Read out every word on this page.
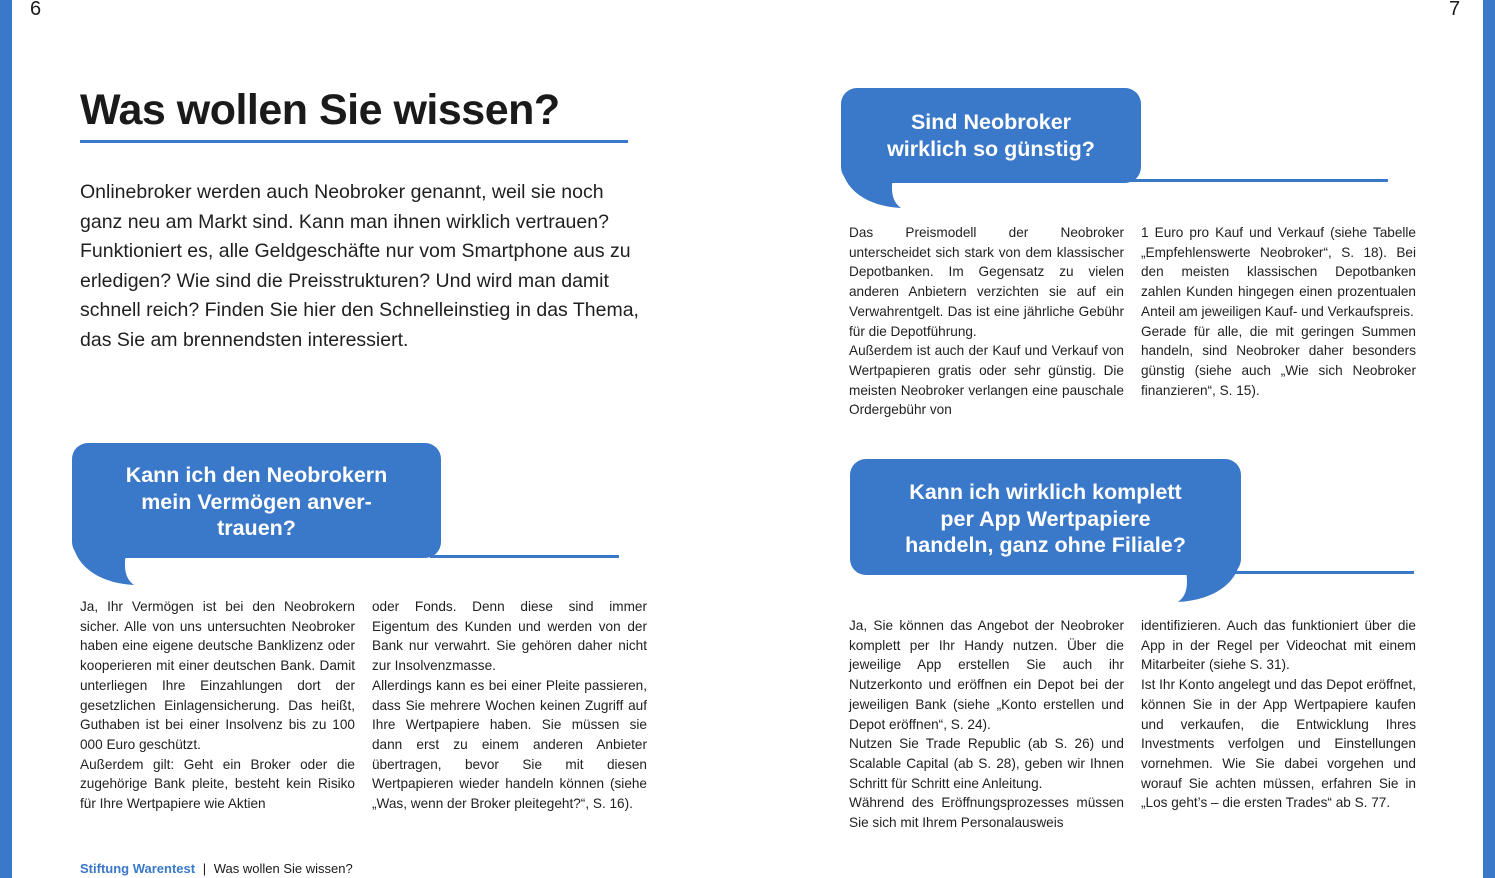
6	7
Was wollen Sie wissen?

Onlinebroker werden auch Neobroker genannt, weil sie noch ganz neu am Markt sind. Kann man ihnen wirklich vertrauen? Funktioniert es, alle Geldgeschäfte nur vom Smartphone aus zu erledigen? Wie sind die Preisstrukturen? Und wird man damit schnell reich? Finden Sie hier den Schnelleinstieg in das Thema, das Sie am brennendsten interessiert.

Kann ich den Neobrokern
mein Vermögen anver-
trauen?

Ja, Ihr Vermögen ist bei den Neobrokern sicher. Alle von uns untersuchten Neobroker haben eine eigene deutsche Banklizenz oder kooperieren mit einer deutschen Bank. Damit unterliegen Ihre Einzahlungen dort der gesetzlichen Einlagensicherung. Das heißt, Guthaben ist bei einer Insolvenz bis zu 100 000 Euro geschützt.

Außerdem gilt: Geht ein Broker oder die zugehörige Bank pleite, besteht kein Risiko für Ihre Wertpapiere wie Aktien

oder Fonds. Denn diese sind immer Eigentum des Kunden und werden von der Bank nur verwahrt. Sie gehören daher nicht zur Insolvenzmasse.

Allerdings kann es bei einer Pleite passieren, dass Sie mehrere Wochen keinen Zugriff auf Ihre Wertpapiere haben. Sie müssen sie dann erst zu einem anderen Anbieter übertragen, bevor Sie mit diesen Wertpapieren wieder handeln können (siehe „Was, wenn der Broker pleitegeht?“, S. 16).

Sind Neobroker
wirklich so günstig?

Das Preismodell der Neobroker unterscheidet sich stark von dem klassischer Depotbanken. Im Gegensatz zu vielen anderen Anbietern verzichten sie auf ein Verwahrentgelt. Das ist eine jährliche Gebühr für die Depotführung.

Außerdem ist auch der Kauf und Verkauf von Wertpapieren gratis oder sehr günstig. Die meisten Neobroker verlangen eine pauschale Ordergebühr von

1 Euro pro Kauf und Verkauf (siehe Tabelle „Empfehlenswerte Neobroker“, S. 18). Bei den meisten klassischen Depotbanken zahlen Kunden hingegen einen prozentualen Anteil am jeweiligen Kauf- und Verkaufspreis.

Gerade für alle, die mit geringen Summen handeln, sind Neobroker daher besonders günstig (siehe auch „Wie sich Neobroker finanzieren“, S. 15).

Kann ich wirklich komplett
per App Wertpapiere
handeln, ganz ohne Filiale?

Ja, Sie können das Angebot der Neobroker komplett per Ihr Handy nutzen. Über die jeweilige App erstellen Sie auch ihr Nutzerkonto und eröffnen ein Depot bei der jeweiligen Bank (siehe „Konto erstellen und Depot eröffnen“, S. 24).

Nutzen Sie Trade Republic (ab S. 26) und Scalable Capital (ab S. 28), geben wir Ihnen Schritt für Schritt eine Anleitung.

Während des Eröffnungsprozesses müssen Sie sich mit Ihrem Personalausweis

identifizieren. Auch das funktioniert über die App in der Regel per Videochat mit einem Mitarbeiter (siehe S. 31).

Ist Ihr Konto angelegt und das Depot eröffnet, können Sie in der App Wertpapiere kaufen und verkaufen, die Entwicklung Ihres Investments verfolgen und Einstellungen vornehmen. Wie Sie dabei vorgehen und worauf Sie achten müssen, erfahren Sie in „Los geht’s – die ersten Trades“ ab S. 77.

Stiftung Warentest | Was wollen Sie wissen?
